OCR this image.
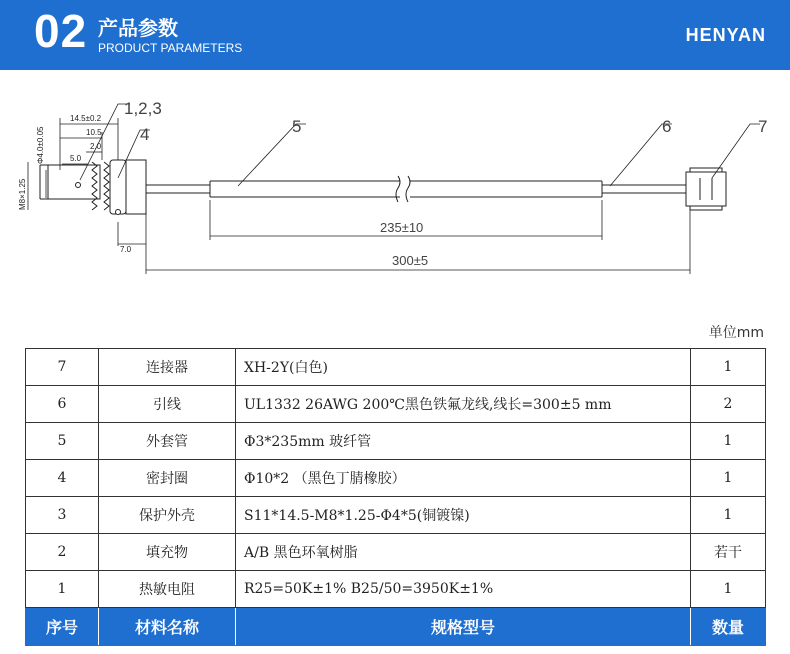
02 产品参数
PRODUCT PARAMETERS
HENYAN
1,2,3
4	5	6	7
14.5±0.2
10.5
2.0
5.0
Φ4.0±0.05
M8×1.25
7.0
235±10
300±5
单位mm
7	连接器	XH-2Y(白色)	1
6	引线	UL1332 26AWG 200℃黑色铁氟龙线,线长=300±5 mm	2
5	外套管	Φ3*235mm 玻纤管	1
4	密封圈	Φ10*2 （黑色丁腈橡胶）	1
3	保护外壳	S11*14.5-M8*1.25-Φ4*5(铜镀镍)	1
2	填充物	A/B 黑色环氧树脂	若干
1	热敏电阻	R25=50K±1% B25/50=3950K±1%	1
序号	材料名称	规格型号	数量
